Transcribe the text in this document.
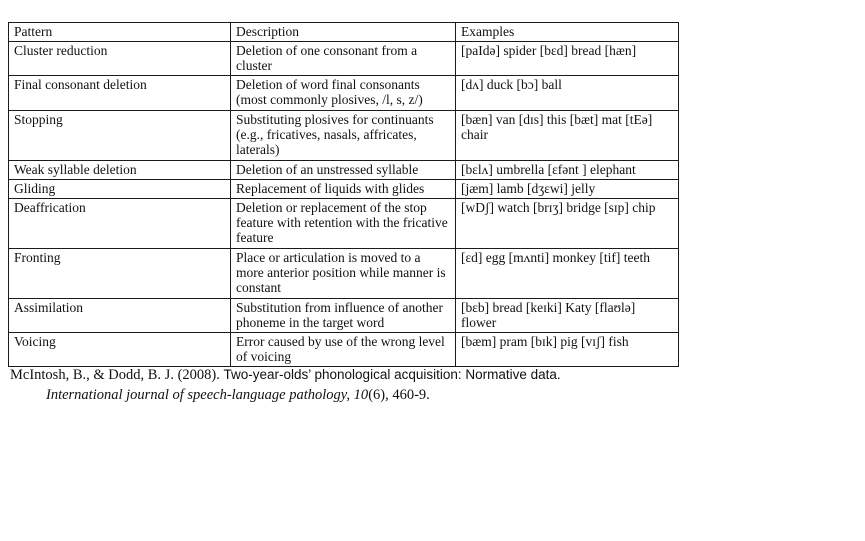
Pattern	Description	Examples
Cluster reduction	Deletion of one consonant from a cluster	[paIdə] spider [bɛd] bread [hæn]
Final consonant deletion	Deletion of word final consonants (most commonly plosives, /l, s, z/)	[dʌ] duck [bɔ] ball
Stopping	Substituting plosives for continuants (e.g., fricatives, nasals, affricates, laterals)	[bæn] van [dɪs] this [bæt] mat [tEə] chair
Weak syllable deletion	Deletion of an unstressed syllable	[bɛlʌ] umbrella [ɛfənt ] elephant
Gliding	Replacement of liquids with glides	[jæm] lamb [dʒɛwi] jelly
Deaffrication	Deletion or replacement of the stop feature with retention with the fricative feature	[wDʃ] watch [brɪʒ] bridge [sɪp] chip
Fronting	Place or articulation is moved to a more anterior position while manner is constant	[ɛd] egg [mʌnti] monkey [tif] teeth
Assimilation	Substitution from influence of another phoneme in the target word	[bɛb] bread [keɪki] Katy [flaʊlə] flower
Voicing	Error caused by use of the wrong level of voicing	[bæm] pram [bɪk] pig [vɪʃ] fish
McIntosh, B., & Dodd, B. J. (2008). Two-year-olds’ phonological acquisition: Normative data.
International journal of speech-language pathology, 10(6), 460-9.
